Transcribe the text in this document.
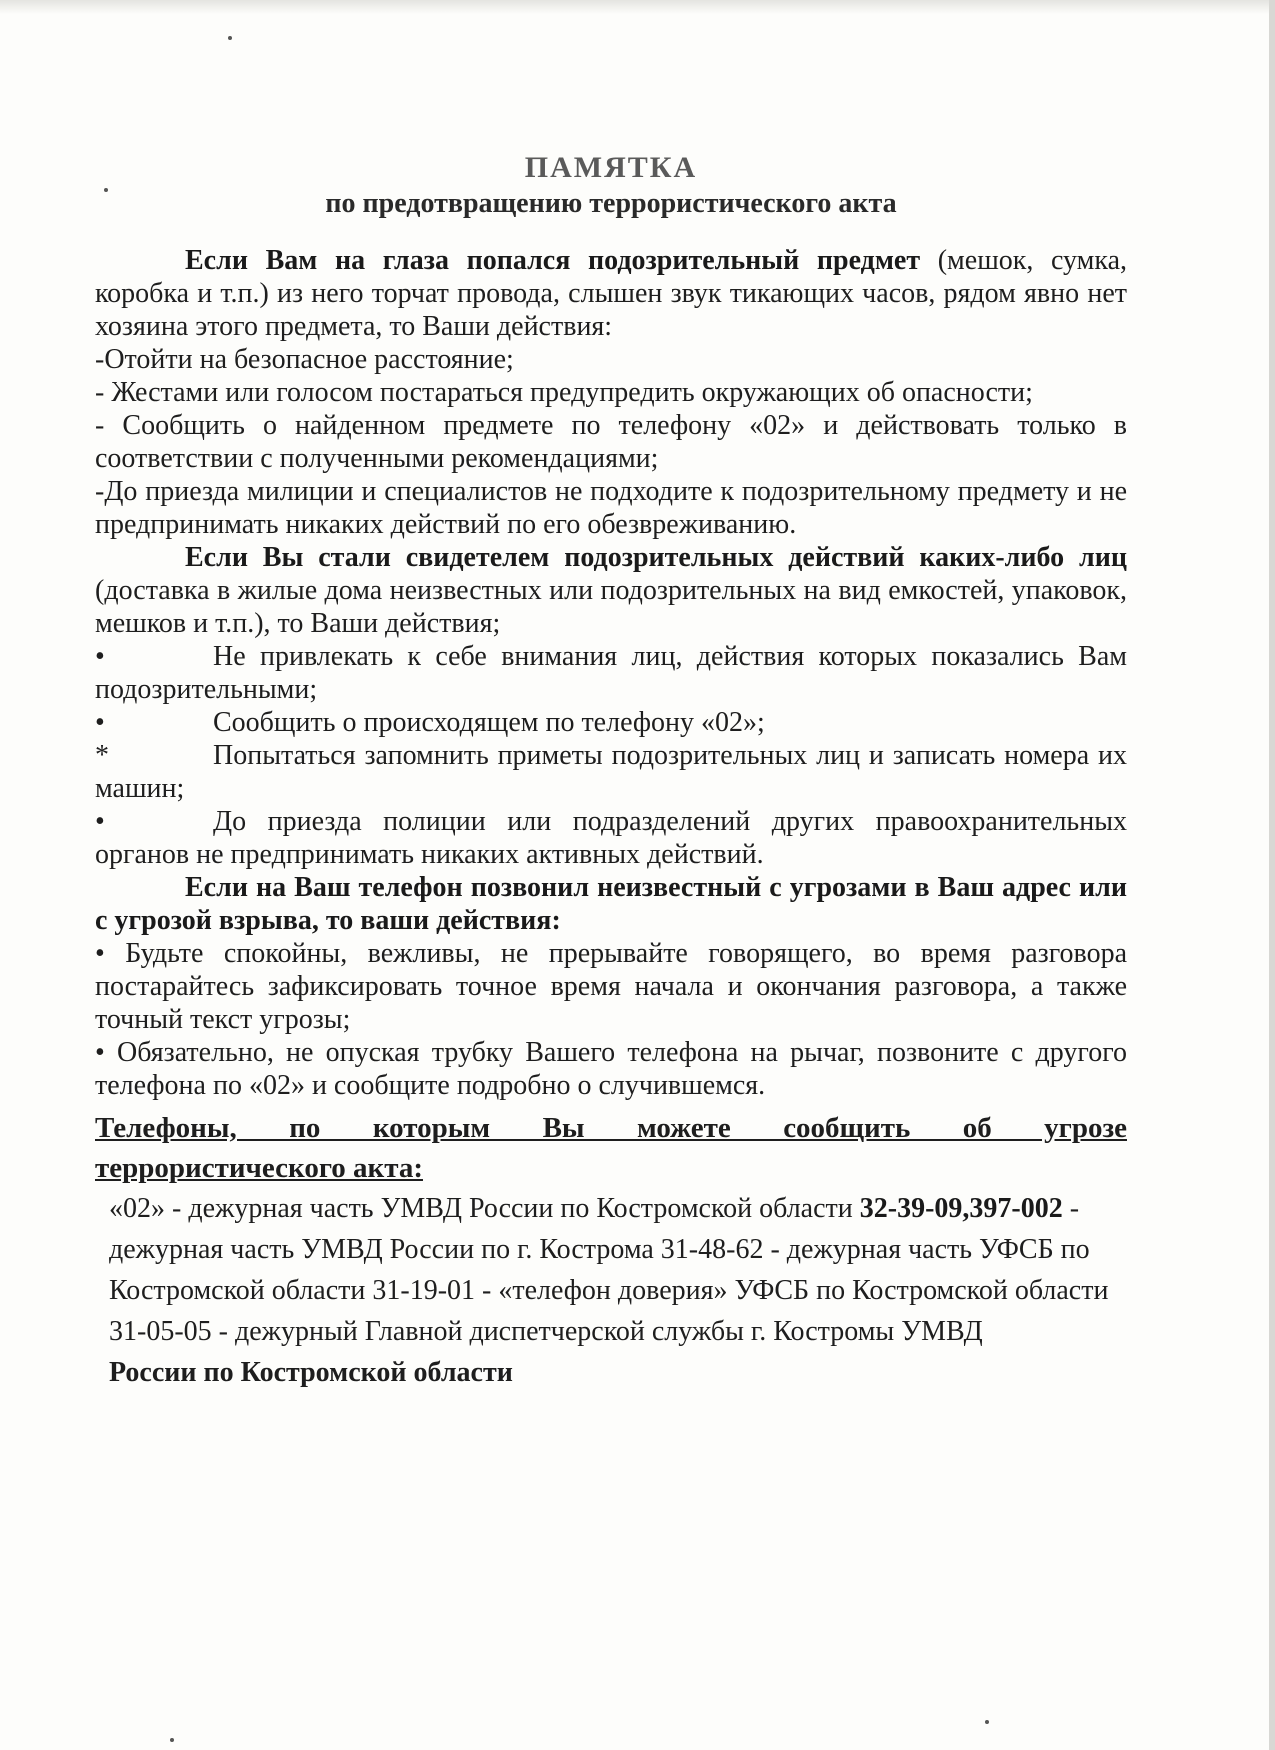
ПАМЯТКА
по предотвращению террористического акта

Если Вам на глаза попался подозрительный предмет (мешок, сумка, коробка и т.п.) из него торчат провода, слышен звук тикающих часов, рядом явно нет хозяина этого предмета, то Ваши действия:

-Отойти на безопасное расстояние;

- Жестами или голосом постараться предупредить окружающих об опасности;

- Сообщить о найденном предмете по телефону «02» и действовать только в соответствии с полученными рекомендациями;

-До приезда милиции и специалистов не подходите к подозрительному предмету и не предпринимать никаких действий по его обезвреживанию.

Если Вы стали свидетелем подозрительных действий каких-либо лиц (доставка в жилые дома неизвестных или подозрительных на вид емкостей, упаковок, мешков и т.п.), то Ваши действия;

•	Не привлекать к себе внимания лиц, действия которых показались Вам подозрительными;

•	Сообщить о происходящем по телефону «02»;

*	Попытаться запомнить приметы подозрительных лиц и записать номера их машин;

•	До приезда полиции или подразделений других правоохранительных органов не предпринимать никаких активных действий.

Если на Ваш телефон позвонил неизвестный с угрозами в Ваш адрес или с угрозой взрыва, то ваши действия:

• Будьте спокойны, вежливы, не прерывайте говорящего, во время разговора постарайтесь зафиксировать точное время начала и окончания разговора, а также точный текст угрозы;

• Обязательно, не опуская трубку Вашего телефона на рычаг, позвоните с другого телефона по «02» и сообщите подробно о случившемся.

Телефоны, по которым Вы можете сообщить об угрозе
террористического акта:
«02» - дежурная часть УМВД России по Костромской области 32-39-09,397-002 - дежурная часть УМВД России по г. Кострома 31-48-62 - дежурная часть УФСБ по Костромской области 31-19-01 - «телефон доверия» УФСБ по Костромской области 31-05-05 - дежурный Главной диспетчерской службы г. Костромы УМВД
России по Костромской области
